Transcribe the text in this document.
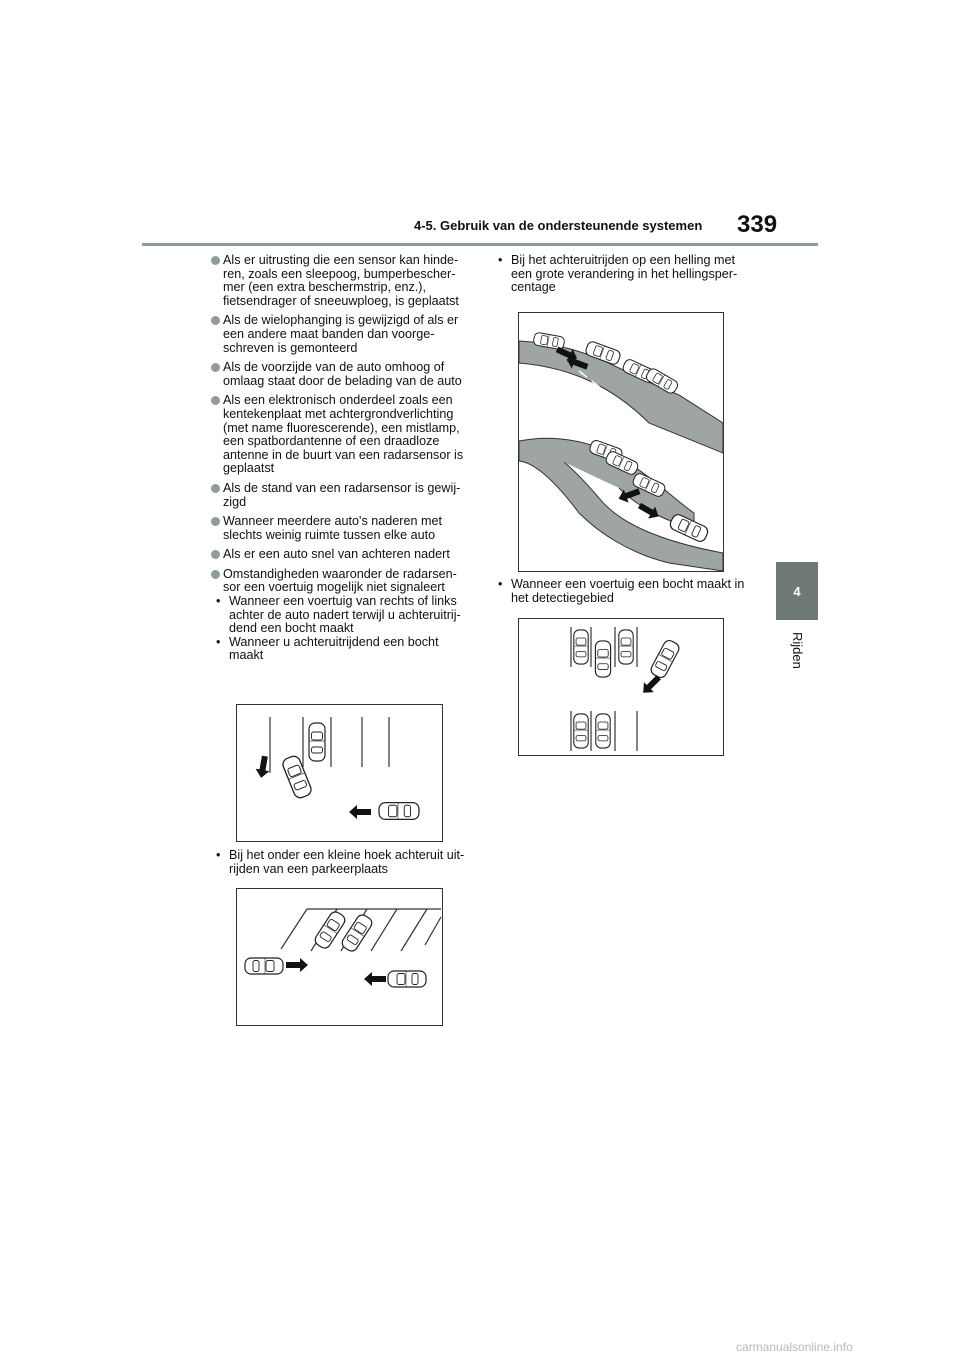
4-5. Gebruik van de ondersteunende systemen 339
4
Rijden
Als er uitrusting die een sensor kan hinde-ren, zoals een sleepoog, bumperbescher-mer (een extra beschermstrip, enz.), fietsendrager of sneeuwploeg, is geplaatst
Als de wielophanging is gewijzigd of als er een andere maat banden dan voorge-schreven is gemonteerd
Als de voorzijde van de auto omhoog of omlaag staat door de belading van de auto
Als een elektronisch onderdeel zoals een kentekenplaat met achtergrondverlichting (met name fluorescerende), een mistlamp, een spatbordantenne of een draadloze antenne in de buurt van een radarsensor is geplaatst
Als de stand van een radarsensor is gewij-zigd
Wanneer meerdere auto's naderen met slechts weinig ruimte tussen elke auto
Als er een auto snel van achteren nadert
Omstandigheden waaronder de radarsen-sor een voertuig mogelijk niet signaleert
• Wanneer een voertuig van rechts of links achter de auto nadert terwijl u achteruitrij-dend een bocht maakt
• Wanneer u achteruitrijdend een bocht maakt
• Bij het onder een kleine hoek achteruit uit-rijden van een parkeerplaats
• Bij het achteruitrijden op een helling met een grote verandering in het hellingsper-centage
• Wanneer een voertuig een bocht maakt in het detectiegebied
carmanualsonline.info
